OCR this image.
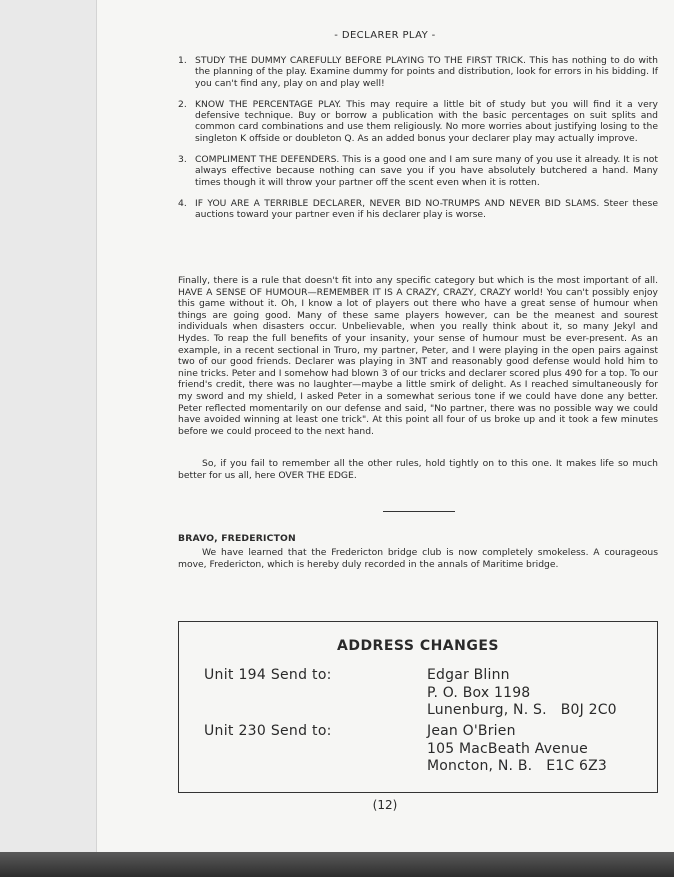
- DECLARER PLAY -
1. STUDY THE DUMMY CAREFULLY BEFORE PLAYING TO THE FIRST TRICK. This has nothing to do with the planning of the play. Examine dummy for points and distribution, look for errors in his bidding. If you can't find any, play on and play well!
2. KNOW THE PERCENTAGE PLAY. This may require a little bit of study but you will find it a very defensive technique. Buy or borrow a publication with the basic percentages on suit splits and common card combinations and use them religiously. No more worries about justifying losing to the singleton K offside or doubleton Q. As an added bonus your declarer play may actually improve.
3. COMPLIMENT THE DEFENDERS. This is a good one and I am sure many of you use it already. It is not always effective because nothing can save you if you have absolutely butchered a hand. Many times though it will throw your partner off the scent even when it is rotten.
4. IF YOU ARE A TERRIBLE DECLARER, NEVER BID NO-TRUMPS AND NEVER BID SLAMS. Steer these auctions toward your partner even if his declarer play is worse.

Finally, there is a rule that doesn't fit into any specific category but which is the most important of all. HAVE A SENSE OF HUMOUR—REMEMBER IT IS A CRAZY, CRAZY, CRAZY world! You can't possibly enjoy this game without it. Oh, I know a lot of players out there who have a great sense of humour when things are going good. Many of these same players however, can be the meanest and sourest individuals when disasters occur. Unbelievable, when you really think about it, so many Jekyl and Hydes. To reap the full benefits of your insanity, your sense of humour must be ever-present. As an example, in a recent sectional in Truro, my partner, Peter, and I were playing in the open pairs against two of our good friends. Declarer was playing in 3NT and reasonably good defense would hold him to nine tricks. Peter and I somehow had blown 3 of our tricks and declarer scored plus 490 for a top. To our friend's credit, there was no laughter—maybe a little smirk of delight. As I reached simultaneously for my sword and my shield, I asked Peter in a somewhat serious tone if we could have done any better. Peter reflected momentarily on our defense and said, "No partner, there was no possible way we could have avoided winning at least one trick". At this point all four of us broke up and it took a few minutes before we could proceed to the next hand.

So, if you fail to remember all the other rules, hold tightly on to this one. It makes life so much better for us all, here OVER THE EDGE.

BRAVO, FREDERICTON

We have learned that the Fredericton bridge club is now completely smokeless. A courageous move, Fredericton, which is hereby duly recorded in the annals of Maritime bridge.

ADDRESS CHANGES
Unit 194 Send to:	Edgar Blinn
P. O. Box 1198
Lunenburg, N. S.   B0J 2C0
Unit 230 Send to:	Jean O'Brien
105 MacBeath Avenue
Moncton, N. B.   E1C 6Z3
(12)
